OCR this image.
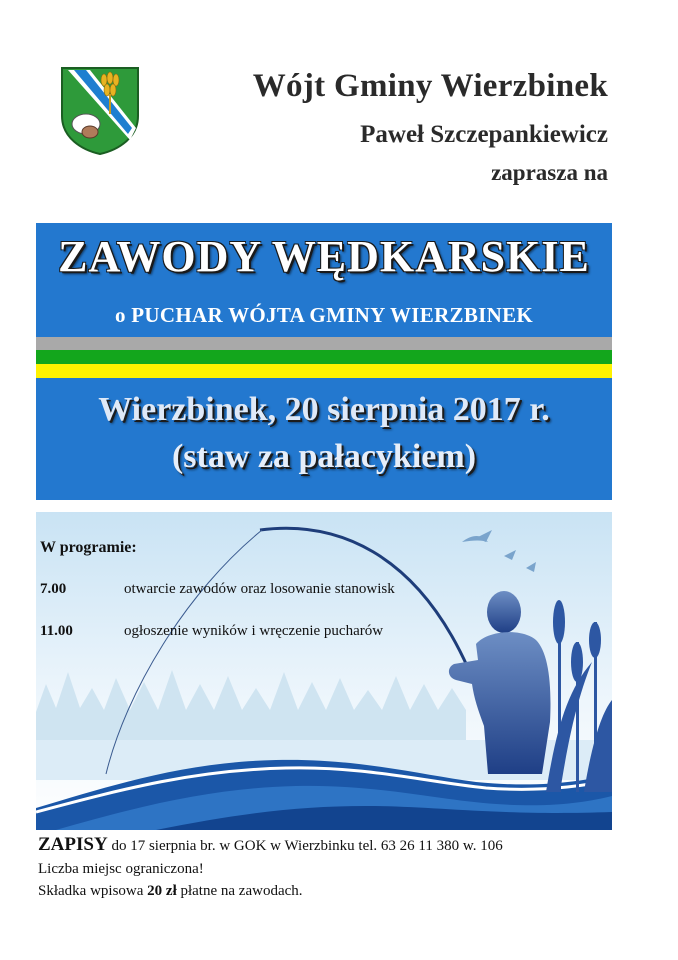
Wójt Gminy Wierzbinek
Paweł Szczepankiewicz
zaprasza na
ZAWODY WĘDKARSKIE
o PUCHAR WÓJTA GMINY WIERZBINEK
Wierzbinek, 20 sierpnia 2017 r.
(staw za pałacykiem)
W programie:
7.00	otwarcie zawodów oraz losowanie stanowisk
11.00	ogłoszenie wyników i wręczenie pucharów
ZAPISY do 17 sierpnia br. w GOK w Wierzbinku tel. 63 26 11 380 w. 106
Liczba miejsc ograniczona!
Składka wpisowa 20 zł płatne na zawodach.
